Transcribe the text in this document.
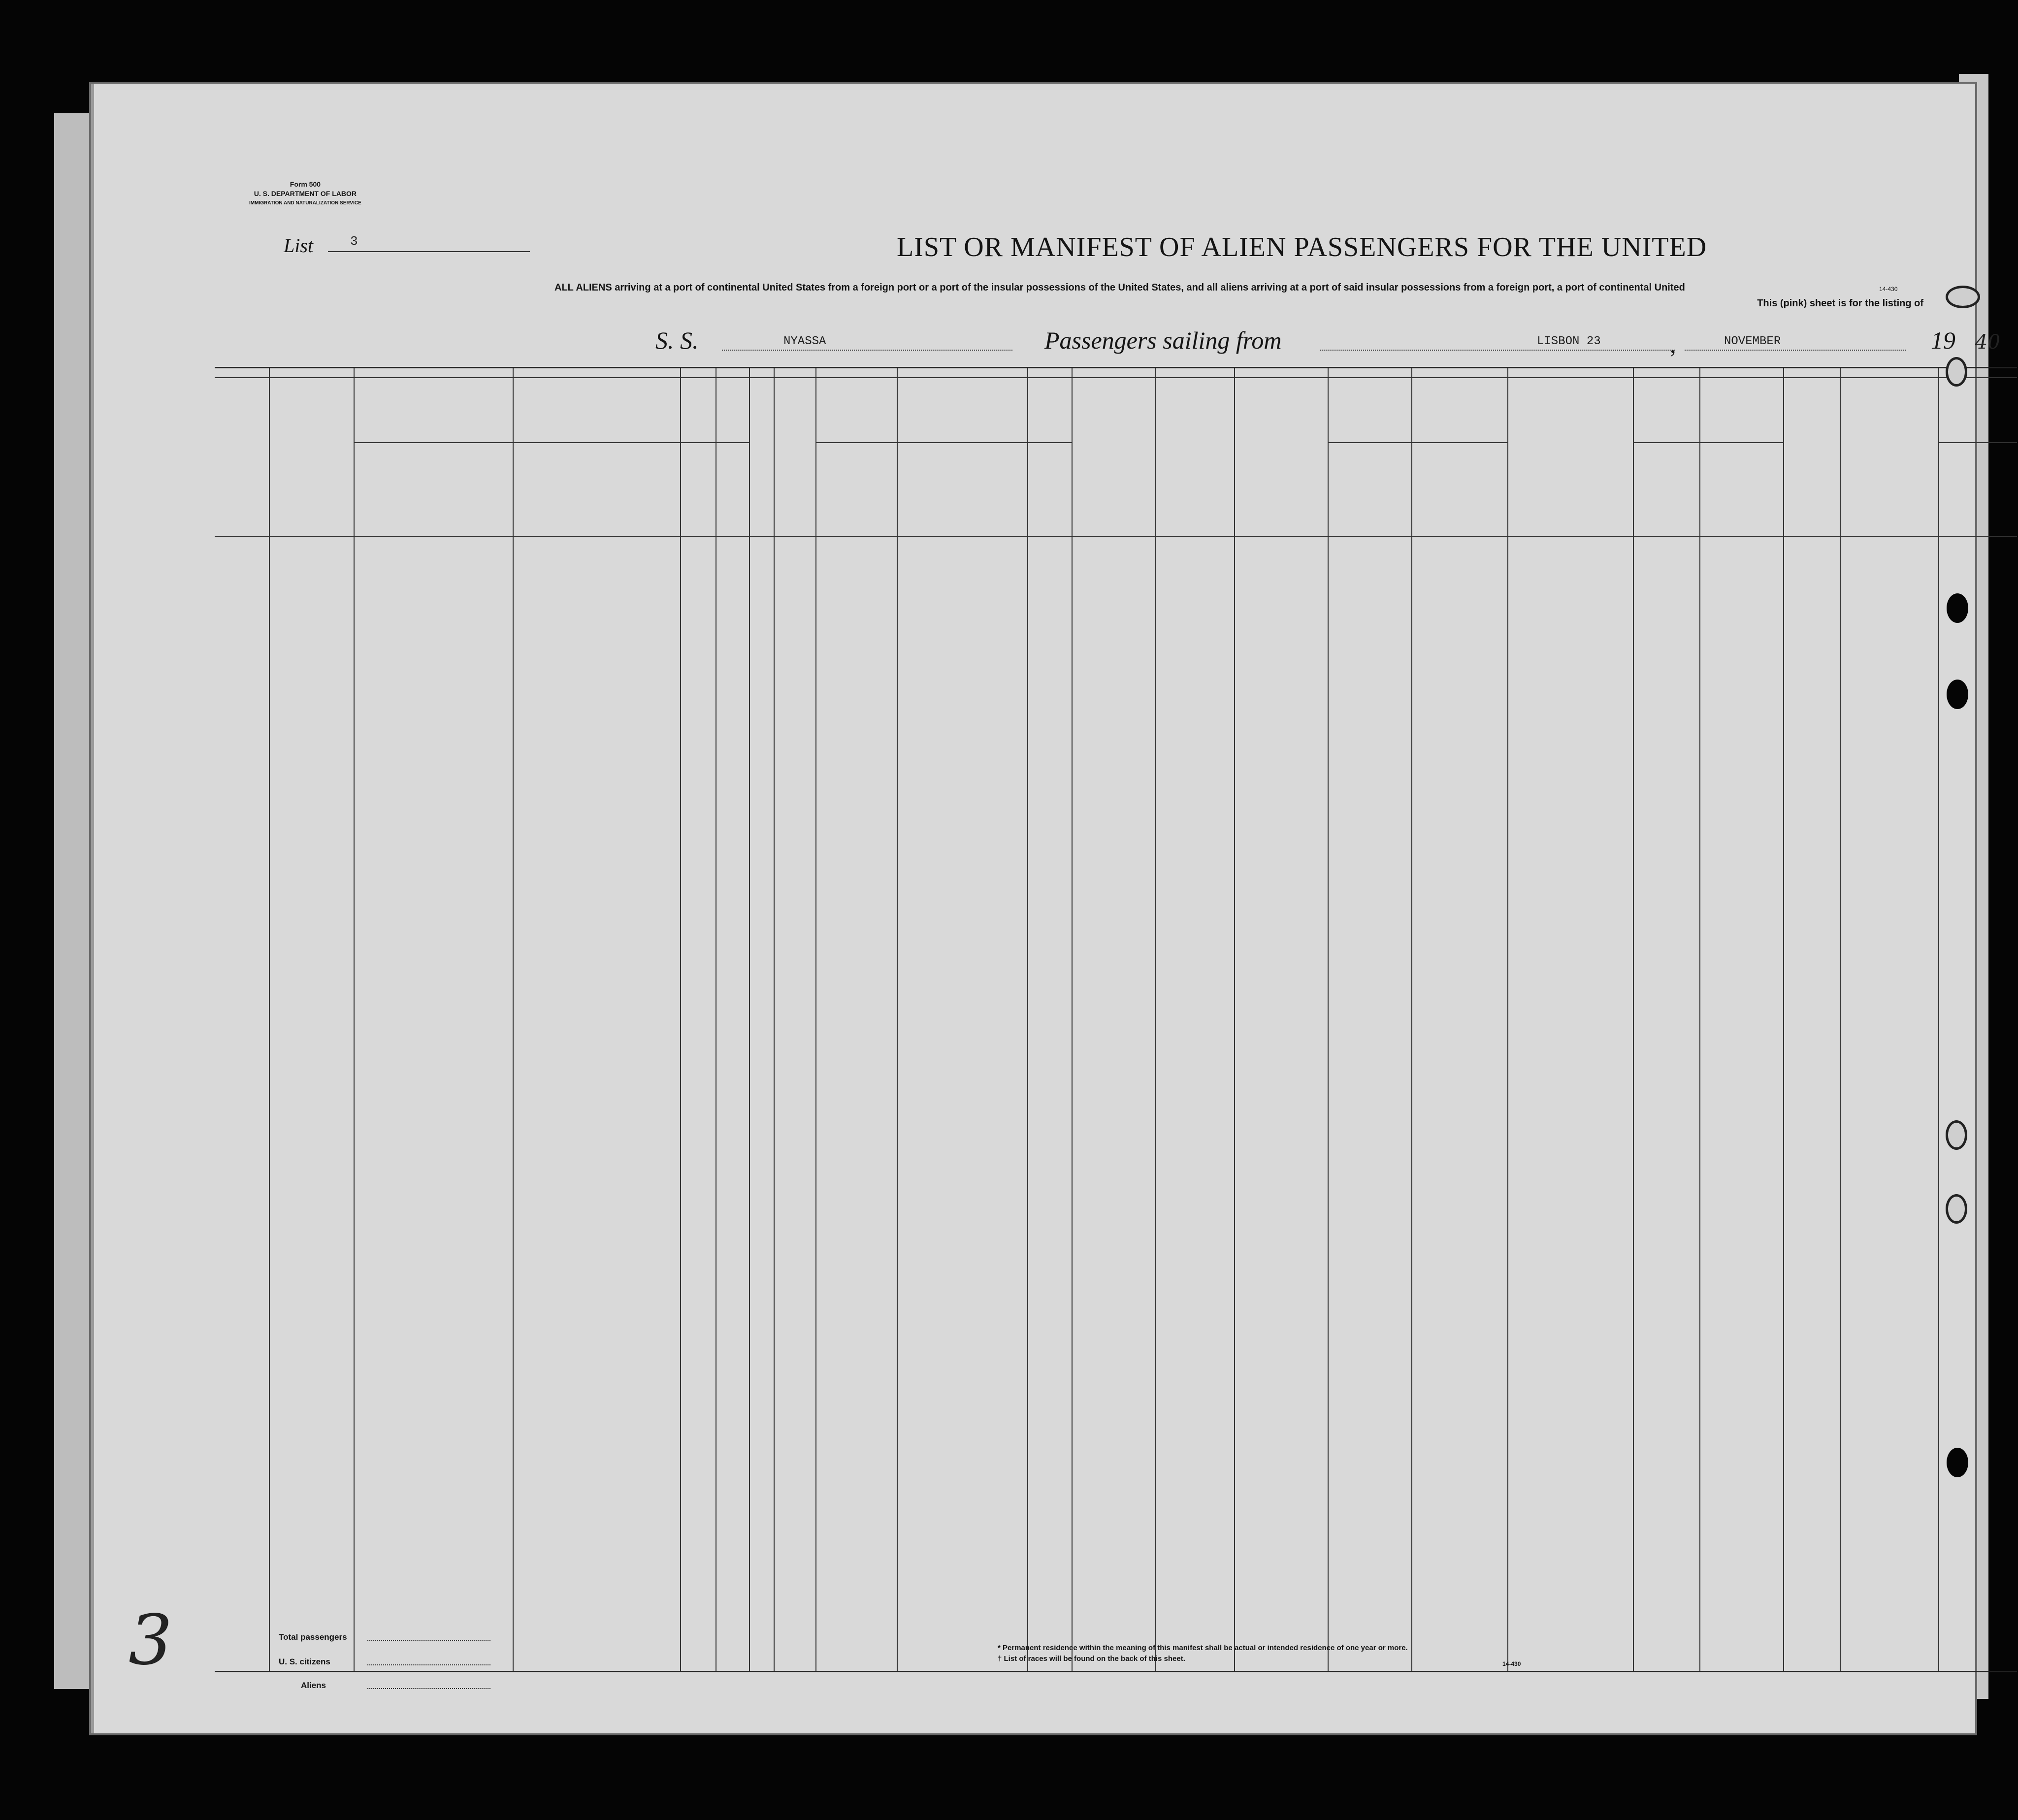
Form 500
U. S. DEPARTMENT OF LABOR
IMMIGRATION AND NATURALIZATION SERVICE
List	3	LIST OR MANIFEST OF ALIEN PASSENGERS FOR THE UNITED
ALL ALIENS arriving at a port of continental United States from a foreign port or a port of the insular possessions of the United States, and all aliens arriving at a port of said insular possessions from a foreign port, a port of continental United
This (pink) sheet is for the listing of
S. S.	NYASSA	Passengers sailing from	LISBON 23	,	NOVEMBER	19 40
14-430
3	Total passengers
U. S. citizens
Aliens
* Permanent residence within the meaning of this manifest shall be actual or intended residence of one year or more.
† List of races will be found on the back of this sheet.
14-430
